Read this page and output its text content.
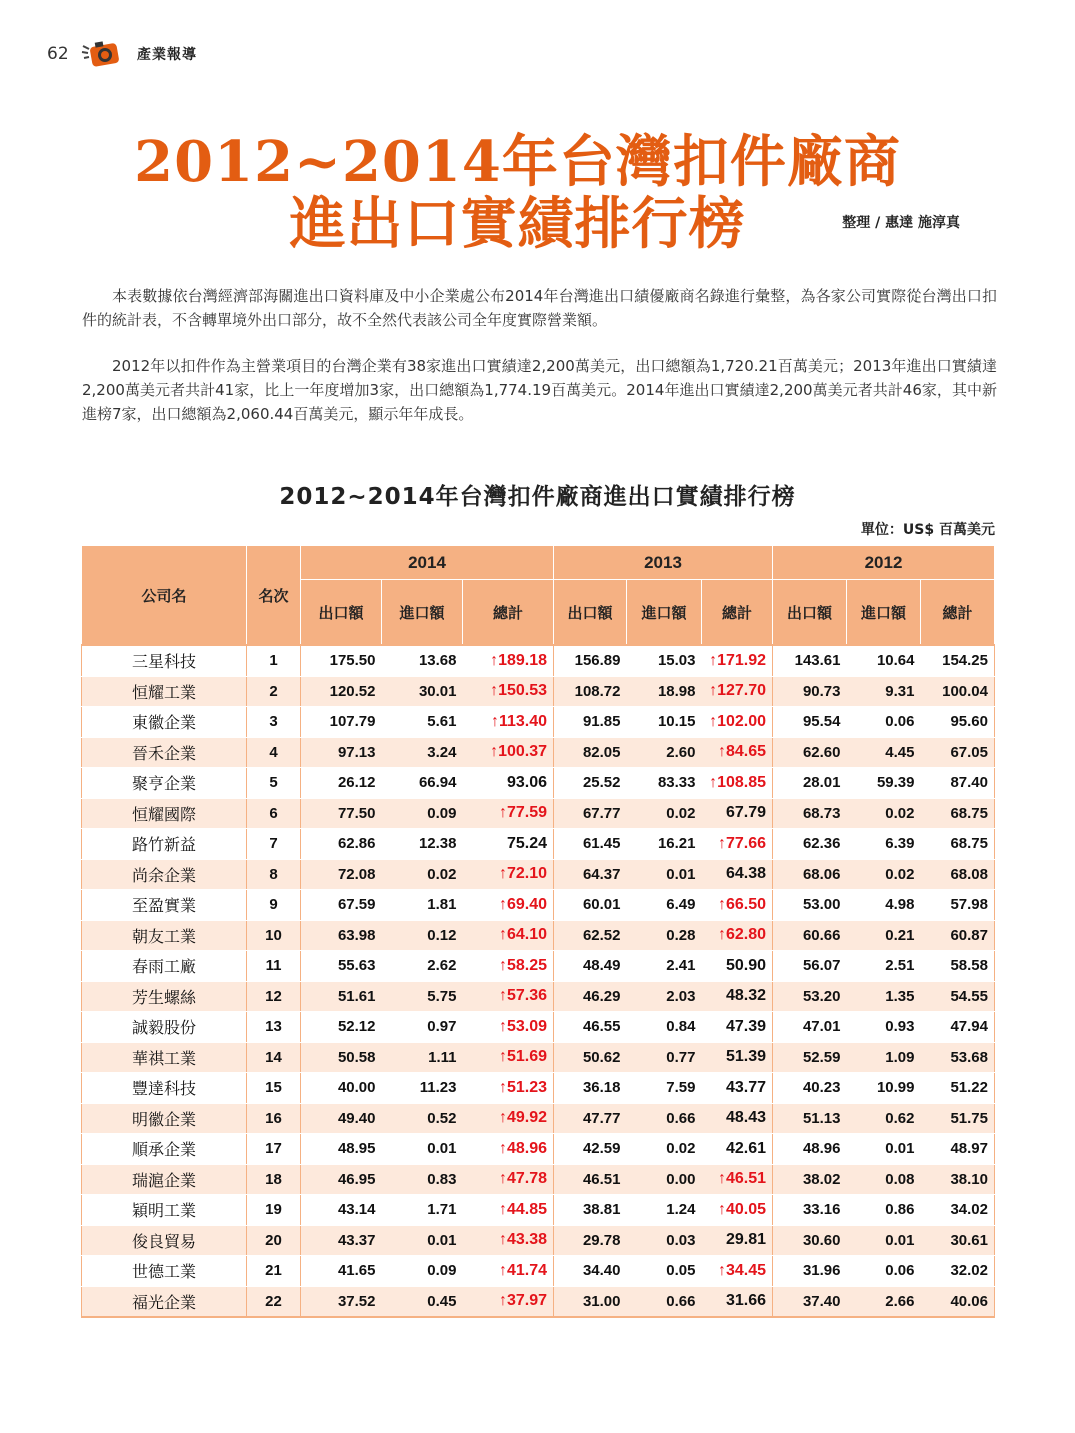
62	產業報導
2012~2014年台灣扣件廠商
進出口實績排行榜	整理 / 惠達 施淳真

本表數據依台灣經濟部海關進出口資料庫及中小企業處公布2014年台灣進出口績優廠商名錄進行彙整，為各家公司實際從台灣出口扣件的統計表，不含轉單境外出口部分，故不全然代表該公司全年度實際營業額。

2012年以扣件作為主營業項目的台灣企業有38家進出口實績達2,200萬美元，出口總額為1,720.21百萬美元；2013年進出口實績達2,200萬美元者共計41家，比上一年度增加3家，出口總額為1,774.19百萬美元。2014年進出口實績達2,200萬美元者共計46家，其中新進榜7家，出口總額為2,060.44百萬美元，顯示年年成長。

2012~2014年台灣扣件廠商進出口實績排行榜
單位：US$ 百萬美元
公司名	名次	2014			2013			2012		
		出口額	進口額	總計	出口額	進口額	總計	出口額	進口額	總計
三星科技	1	175.50	13.68	↑189.18	156.89	15.03	↑171.92	143.61	10.64	154.25
恒耀工業	2	120.52	30.01	↑150.53	108.72	18.98	↑127.70	90.73	9.31	100.04
東徽企業	3	107.79	5.61	↑113.40	91.85	10.15	↑102.00	95.54	0.06	95.60
晉禾企業	4	97.13	3.24	↑100.37	82.05	2.60	↑84.65	62.60	4.45	67.05
聚亨企業	5	26.12	66.94	93.06	25.52	83.33	↑108.85	28.01	59.39	87.40
恒耀國際	6	77.50	0.09	↑77.59	67.77	0.02	67.79	68.73	0.02	68.75
路竹新益	7	62.86	12.38	75.24	61.45	16.21	↑77.66	62.36	6.39	68.75
尚余企業	8	72.08	0.02	↑72.10	64.37	0.01	64.38	68.06	0.02	68.08
至盈實業	9	67.59	1.81	↑69.40	60.01	6.49	↑66.50	53.00	4.98	57.98
朝友工業	10	63.98	0.12	↑64.10	62.52	0.28	↑62.80	60.66	0.21	60.87
春雨工廠	11	55.63	2.62	↑58.25	48.49	2.41	50.90	56.07	2.51	58.58
芳生螺絲	12	51.61	5.75	↑57.36	46.29	2.03	48.32	53.20	1.35	54.55
誠毅股份	13	52.12	0.97	↑53.09	46.55	0.84	47.39	47.01	0.93	47.94
華祺工業	14	50.58	1.11	↑51.69	50.62	0.77	51.39	52.59	1.09	53.68
豐達科技	15	40.00	11.23	↑51.23	36.18	7.59	43.77	40.23	10.99	51.22
明徽企業	16	49.40	0.52	↑49.92	47.77	0.66	48.43	51.13	0.62	51.75
順承企業	17	48.95	0.01	↑48.96	42.59	0.02	42.61	48.96	0.01	48.97
瑞滬企業	18	46.95	0.83	↑47.78	46.51	0.00	↑46.51	38.02	0.08	38.10
穎明工業	19	43.14	1.71	↑44.85	38.81	1.24	↑40.05	33.16	0.86	34.02
俊良貿易	20	43.37	0.01	↑43.38	29.78	0.03	29.81	30.60	0.01	30.61
世德工業	21	41.65	0.09	↑41.74	34.40	0.05	↑34.45	31.96	0.06	32.02
福光企業	22	37.52	0.45	↑37.97	31.00	0.66	31.66	37.40	2.66	40.06
